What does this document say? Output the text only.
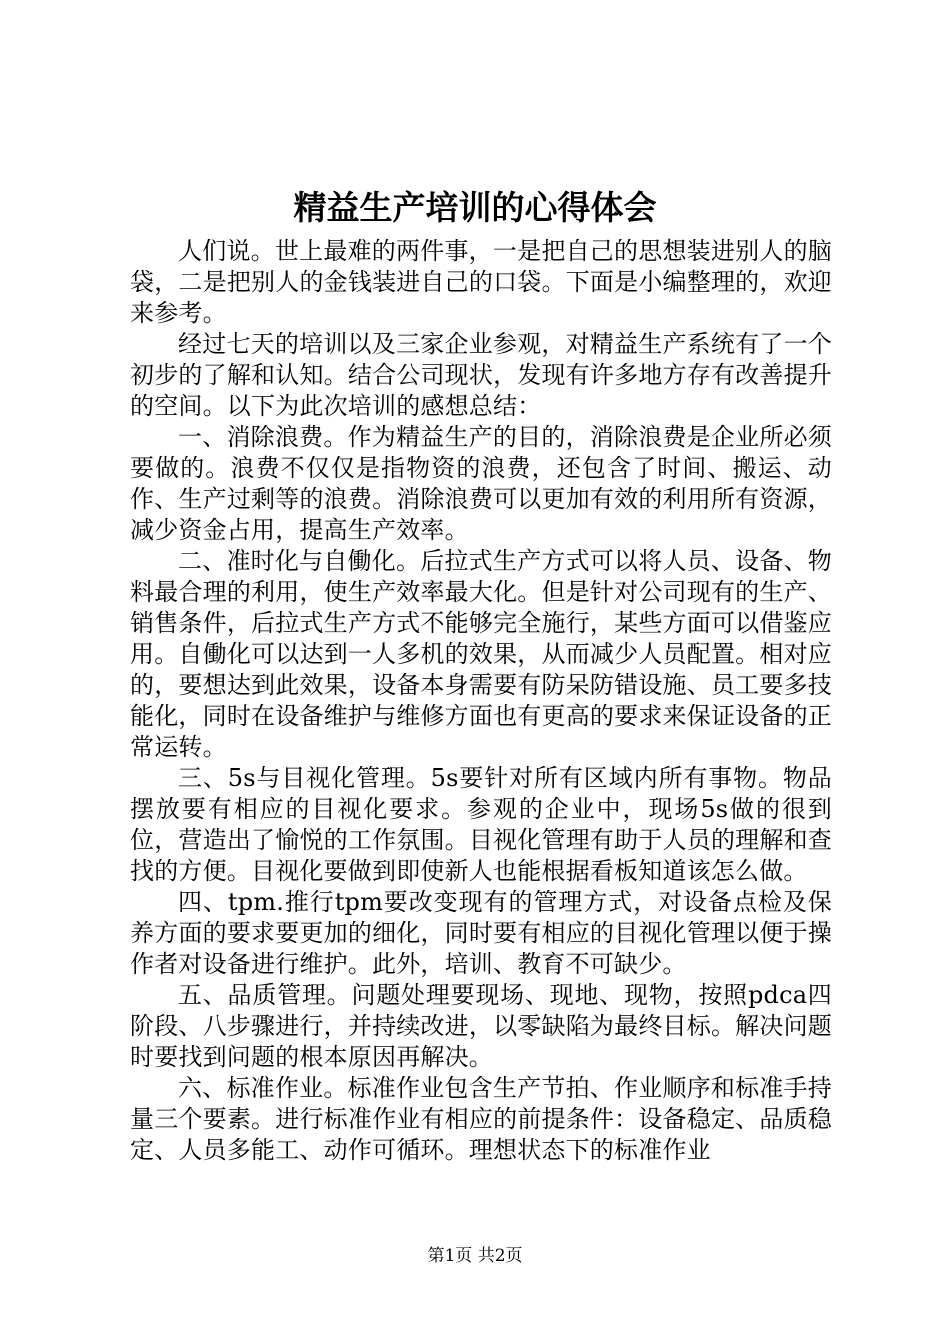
精益生产培训的心得体会

人们说。世上最难的两件事，一是把自己的思想装进别人的脑袋，二是把别人的金钱装进自己的口袋。下面是小编整理的，欢迎来参考。

经过七天的培训以及三家企业参观，对精益生产系统有了一个初步的了解和认知。结合公司现状，发现有许多地方存有改善提升的空间。以下为此次培训的感想总结：

一、消除浪费。作为精益生产的目的，消除浪费是企业所必须要做的。浪费不仅仅是指物资的浪费，还包含了时间、搬运、动作、生产过剩等的浪费。消除浪费可以更加有效的利用所有资源，减少资金占用，提高生产效率。

二、准时化与自働化。后拉式生产方式可以将人员、设备、物料最合理的利用，使生产效率最大化。但是针对公司现有的生产、销售条件，后拉式生产方式不能够完全施行，某些方面可以借鉴应用。自働化可以达到一人多机的效果，从而减少人员配置。相对应的，要想达到此效果，设备本身需要有防呆防错设施、员工要多技能化，同时在设备维护与维修方面也有更高的要求来保证设备的正常运转。

三、5s与目视化管理。5s要针对所有区域内所有事物。物品摆放要有相应的目视化要求。参观的企业中，现场5s做的很到位，营造出了愉悦的工作氛围。目视化管理有助于人员的理解和查找的方便。目视化要做到即使新人也能根据看板知道该怎么做。

四、tpm.推行tpm要改变现有的管理方式，对设备点检及保养方面的要求要更加的细化，同时要有相应的目视化管理以便于操作者对设备进行维护。此外，培训、教育不可缺少。

五、品质管理。问题处理要现场、现地、现物，按照pdca四阶段、八步骤进行，并持续改进，以零缺陷为最终目标。解决问题时要找到问题的根本原因再解决。

六、标准作业。标准作业包含生产节拍、作业顺序和标准手持量三个要素。进行标准作业有相应的前提条件：设备稳定、品质稳定、人员多能工、动作可循环。理想状态下的标准作业

第1页 共2页
